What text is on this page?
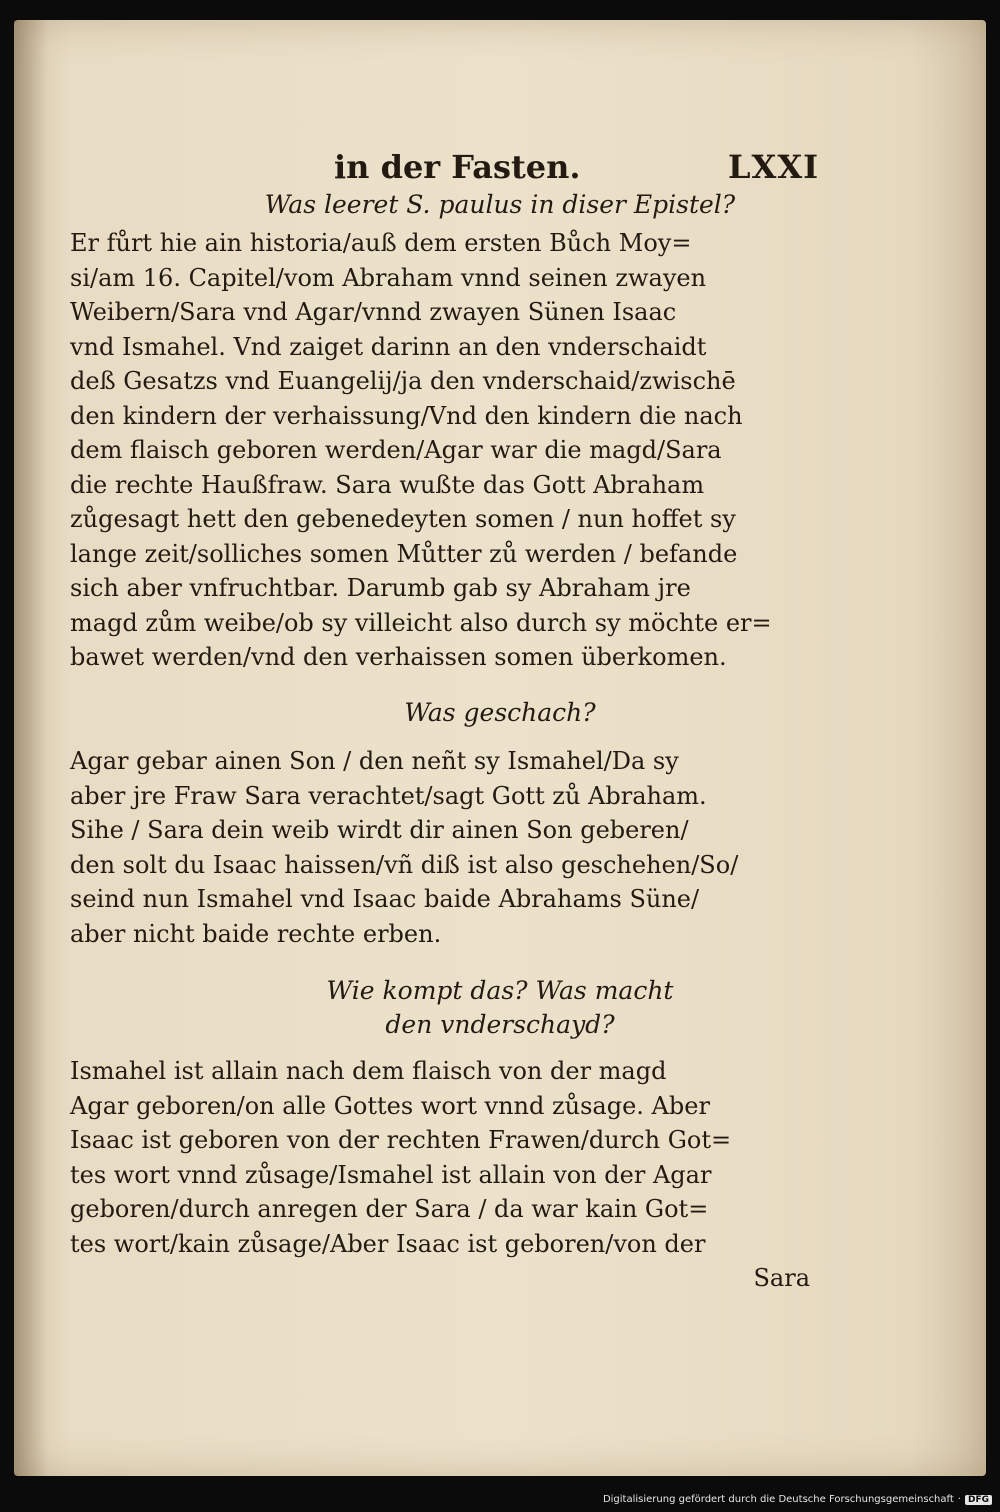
in der Fasten.	LXXI
Was leeret S. paulus in diser Epistel?
Er fůrt hie ain historia/auß dem ersten Bůch Moy=
si/am 16. Capitel/vom Abraham vnnd seinen zwayen
Weibern/Sara vnd Agar/vnnd zwayen Sünen Isaac
vnd Ismahel. Vnd zaiget darinn an den vnderschaidt
deß Gesatzs vnd Euangelij/ja den vnderschaid/zwischē
den kindern der verhaissung/Vnd den kindern die nach
dem flaisch geboren werden/Agar war die magd/Sara
die rechte Haußfraw. Sara wußte das Gott Abraham
zůgesagt hett den gebenedeyten somen / nun hoffet sy
lange zeit/solliches somen Můtter zů werden / befande
sich aber vnfruchtbar. Darumb gab sy Abraham jre
magd zům weibe/ob sy villeicht also durch sy möchte er=
bawet werden/vnd den verhaissen somen überkomen.
Was geschach?
Agar gebar ainen Son / den neñt sy Ismahel/Da sy
aber jre Fraw Sara verachtet/sagt Gott zů Abraham.
Sihe / Sara dein weib wirdt dir ainen Son geberen/
den solt du Isaac haissen/vñ diß ist also geschehen/So/
seind nun Ismahel vnd Isaac baide Abrahams Süne/
aber nicht baide rechte erben.
Wie kompt das? Was macht
den vnderschayd?
Ismahel ist allain nach dem flaisch von der magd
Agar geboren/on alle Gottes wort vnnd zůsage. Aber
Isaac ist geboren von der rechten Frawen/durch Got=
tes wort vnnd zůsage/Ismahel ist allain von der Agar
geboren/durch anregen der Sara / da war kain Got=
tes wort/kain zůsage/Aber Isaac ist geboren/von der
Sara
Digitalisierung gefördert durch die Deutsche Forschungsgemeinschaft · DFG
